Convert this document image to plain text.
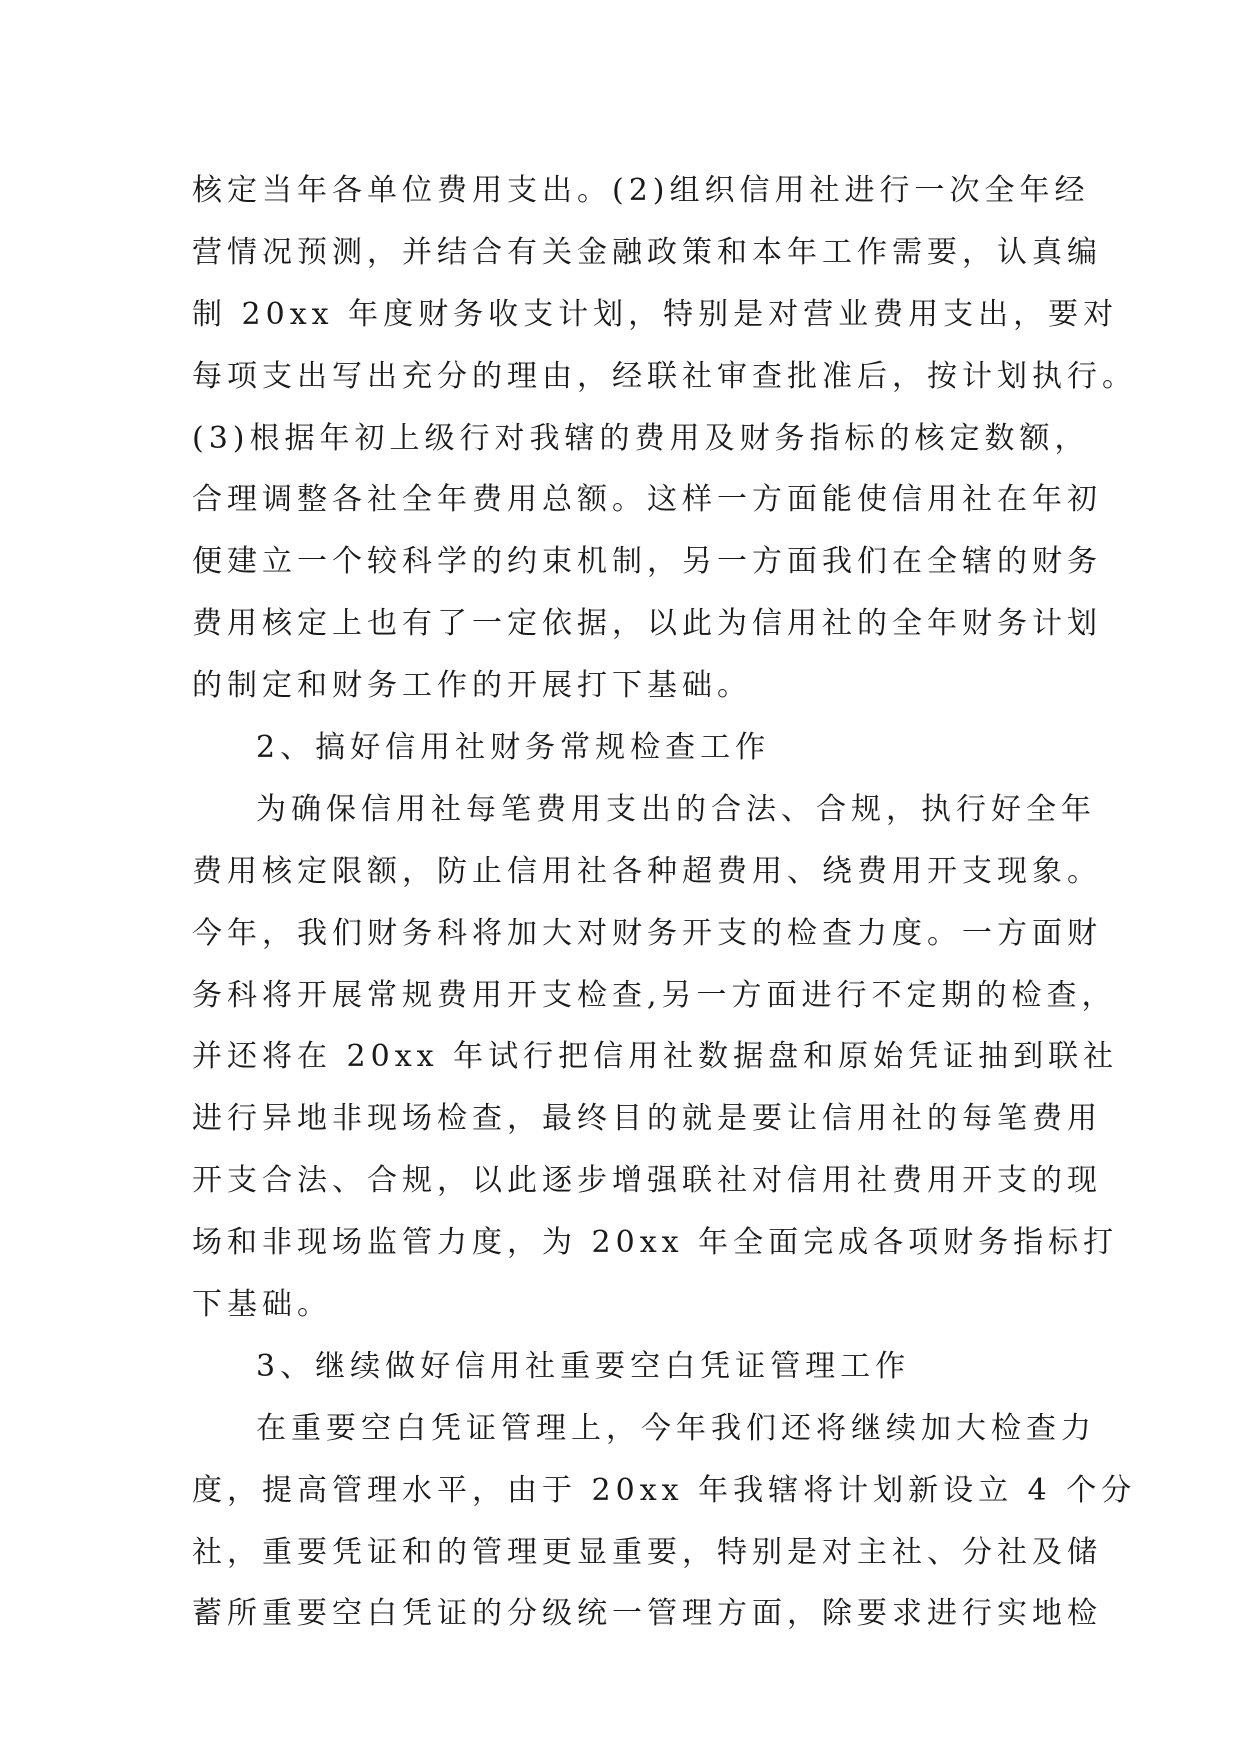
核定当年各单位费用支出。(2)组织信用社进行一次全年经
营情况预测，并结合有关金融政策和本年工作需要，认真编
制 20xx 年度财务收支计划，特别是对营业费用支出，要对
每项支出写出充分的理由，经联社审查批准后，按计划执行。
(3)根据年初上级行对我辖的费用及财务指标的核定数额，
合理调整各社全年费用总额。这样一方面能使信用社在年初
便建立一个较科学的约束机制，另一方面我们在全辖的财务
费用核定上也有了一定依据，以此为信用社的全年财务计划
的制定和财务工作的开展打下基础。
2、搞好信用社财务常规检查工作
为确保信用社每笔费用支出的合法、合规，执行好全年
费用核定限额，防止信用社各种超费用、绕费用开支现象。
今年，我们财务科将加大对财务开支的检查力度。一方面财
务科将开展常规费用开支检查,另一方面进行不定期的检查，
并还将在 20xx 年试行把信用社数据盘和原始凭证抽到联社
进行异地非现场检查，最终目的就是要让信用社的每笔费用
开支合法、合规，以此逐步增强联社对信用社费用开支的现
场和非现场监管力度，为 20xx 年全面完成各项财务指标打
下基础。
3、继续做好信用社重要空白凭证管理工作
在重要空白凭证管理上，今年我们还将继续加大检查力
度，提高管理水平，由于 20xx 年我辖将计划新设立 4 个分
社，重要凭证和的管理更显重要，特别是对主社、分社及储
蓄所重要空白凭证的分级统一管理方面，除要求进行实地检
